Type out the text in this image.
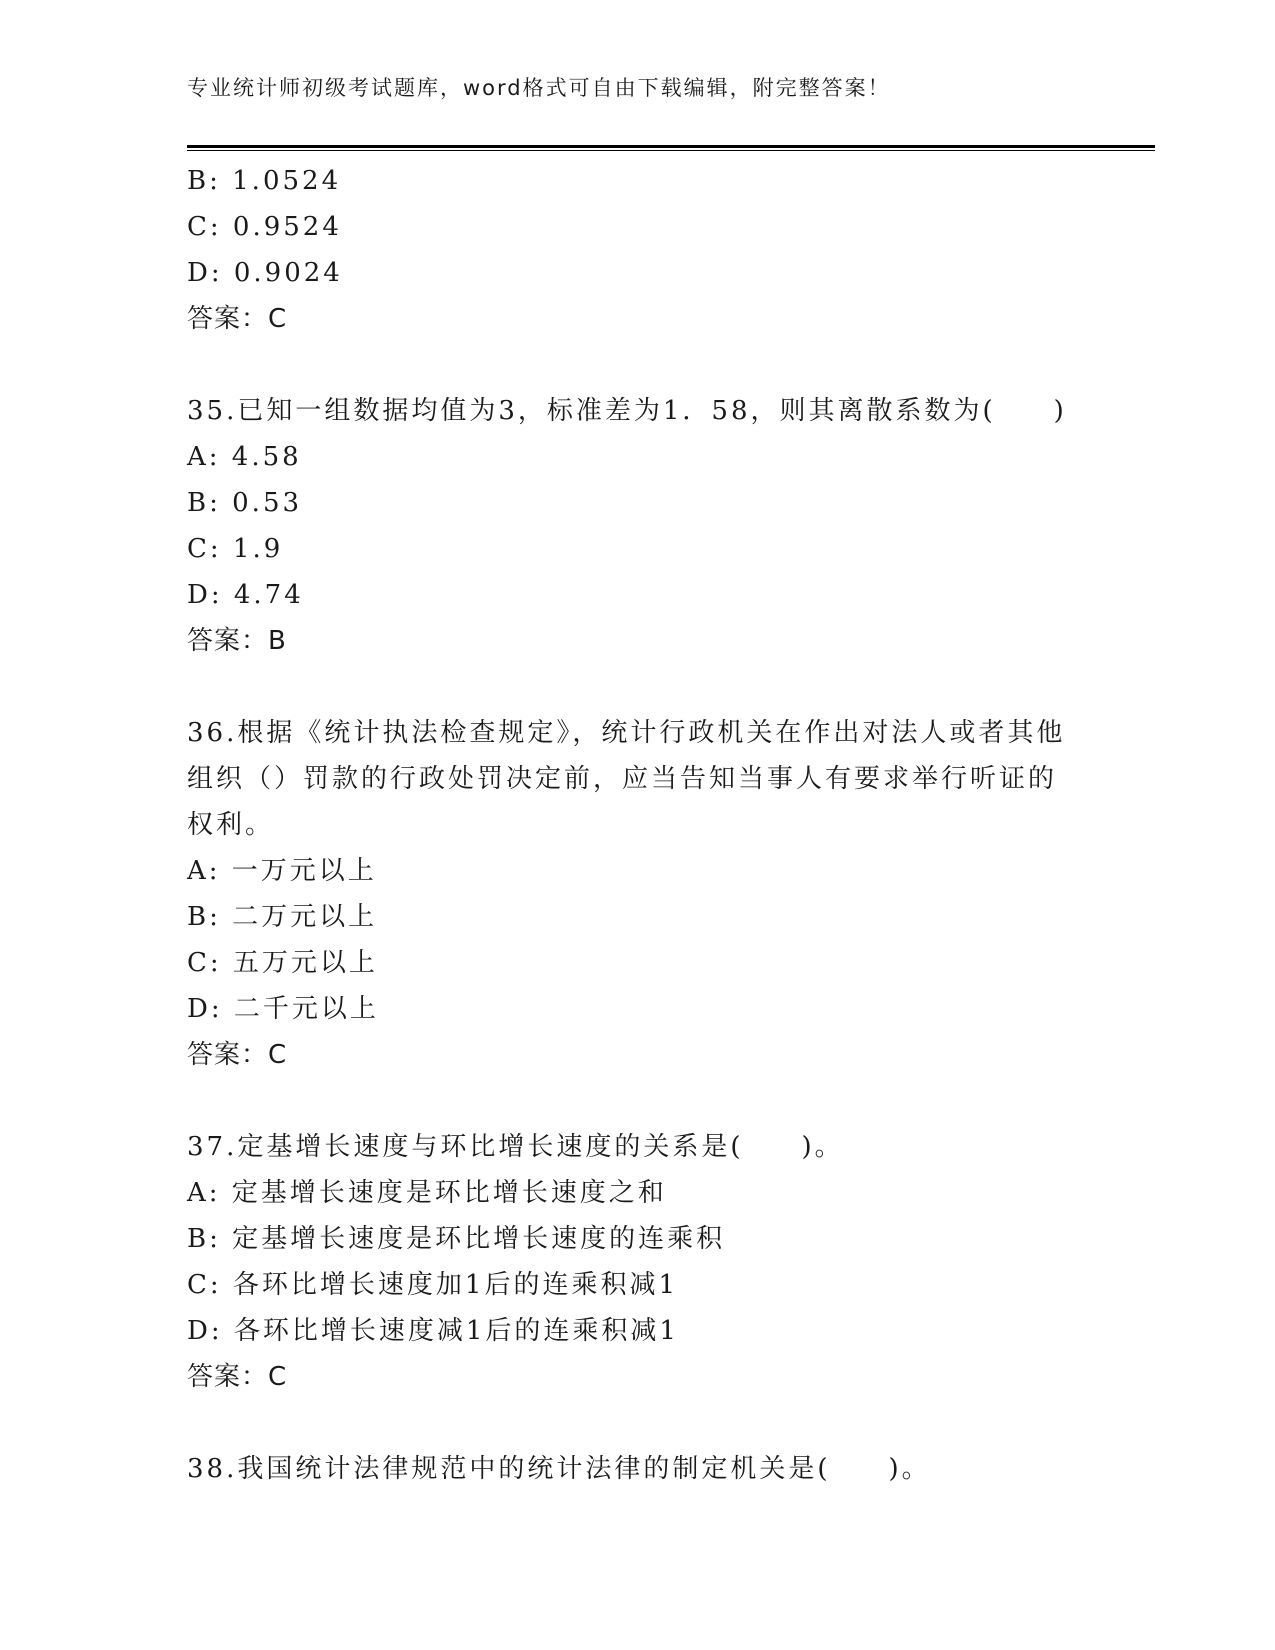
专业统计师初级考试题库，word格式可自由下载编辑，附完整答案！
B: 1.0524
C: 0.9524
D: 0.9024
答案：C
35.已知一组数据均值为3，标准差为1．58，则其离散系数为(　　)
A: 4.58
B: 0.53
C: 1.9
D: 4.74
答案：B
36.根据《统计执法检查规定》，统计行政机关在作出对法人或者其他组织（）罚款的行政处罚决定前，应当告知当事人有要求举行听证的权利。
A: 一万元以上
B: 二万元以上
C: 五万元以上
D: 二千元以上
答案：C
37.定基增长速度与环比增长速度的关系是(　　)。
A: 定基增长速度是环比增长速度之和
B: 定基增长速度是环比增长速度的连乘积
C: 各环比增长速度加1后的连乘积减1
D: 各环比增长速度减1后的连乘积减1
答案：C
38.我国统计法律规范中的统计法律的制定机关是(　　)。
